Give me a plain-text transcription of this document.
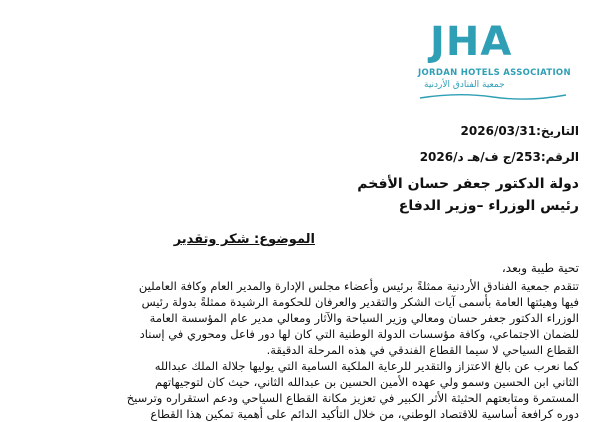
JHA
JORDAN HOTELS ASSOCIATION
جمعية الفنادق الأردنية
التاريخ:2026/03/31
الرقم:253/ج ف/هـ د/2026
دولة الدكتور جعفر حسان الأفخم
رئيس الوزراء –وزير الدفاع
الموضوع: شكر وتقدير

تحية طيبة وبعد،

تتقدم جمعية الفنادق الأردنية ممثلةً برئيس وأعضاء مجلس الإدارة والمدير العام وكافة العاملين

فيها وهيئتها العامة بأسمى آيات الشكر والتقدير والعرفان للحكومة الرشيدة ممثلةً بدولة رئيس

الوزراء الدكتور جعفر حسان ومعالي وزير السياحة والآثار ومعالي مدير عام المؤسسة العامة

للضمان الاجتماعي، وكافة مؤسسات الدولة الوطنية التي كان لها دور فاعل ومحوري في إسناد

القطاع السياحي لا سيما القطاع الفندقي في هذه المرحلة الدقيقة.

كما نعرب عن بالغ الاعتزاز والتقدير للرعاية الملكية السامية التي يوليها جلالة الملك عبدالله

الثاني ابن الحسين وسمو ولي عهده الأمين الحسين بن عبدالله الثاني، حيث كان لتوجيهاتهم

المستمرة ومتابعتهم الحثيثة الأثر الكبير في تعزيز مكانة القطاع السياحي ودعم استقراره وترسيخ

دوره كرافعة أساسية للاقتصاد الوطني، من خلال التأكيد الدائم على أهمية تمكين هذا القطاع
